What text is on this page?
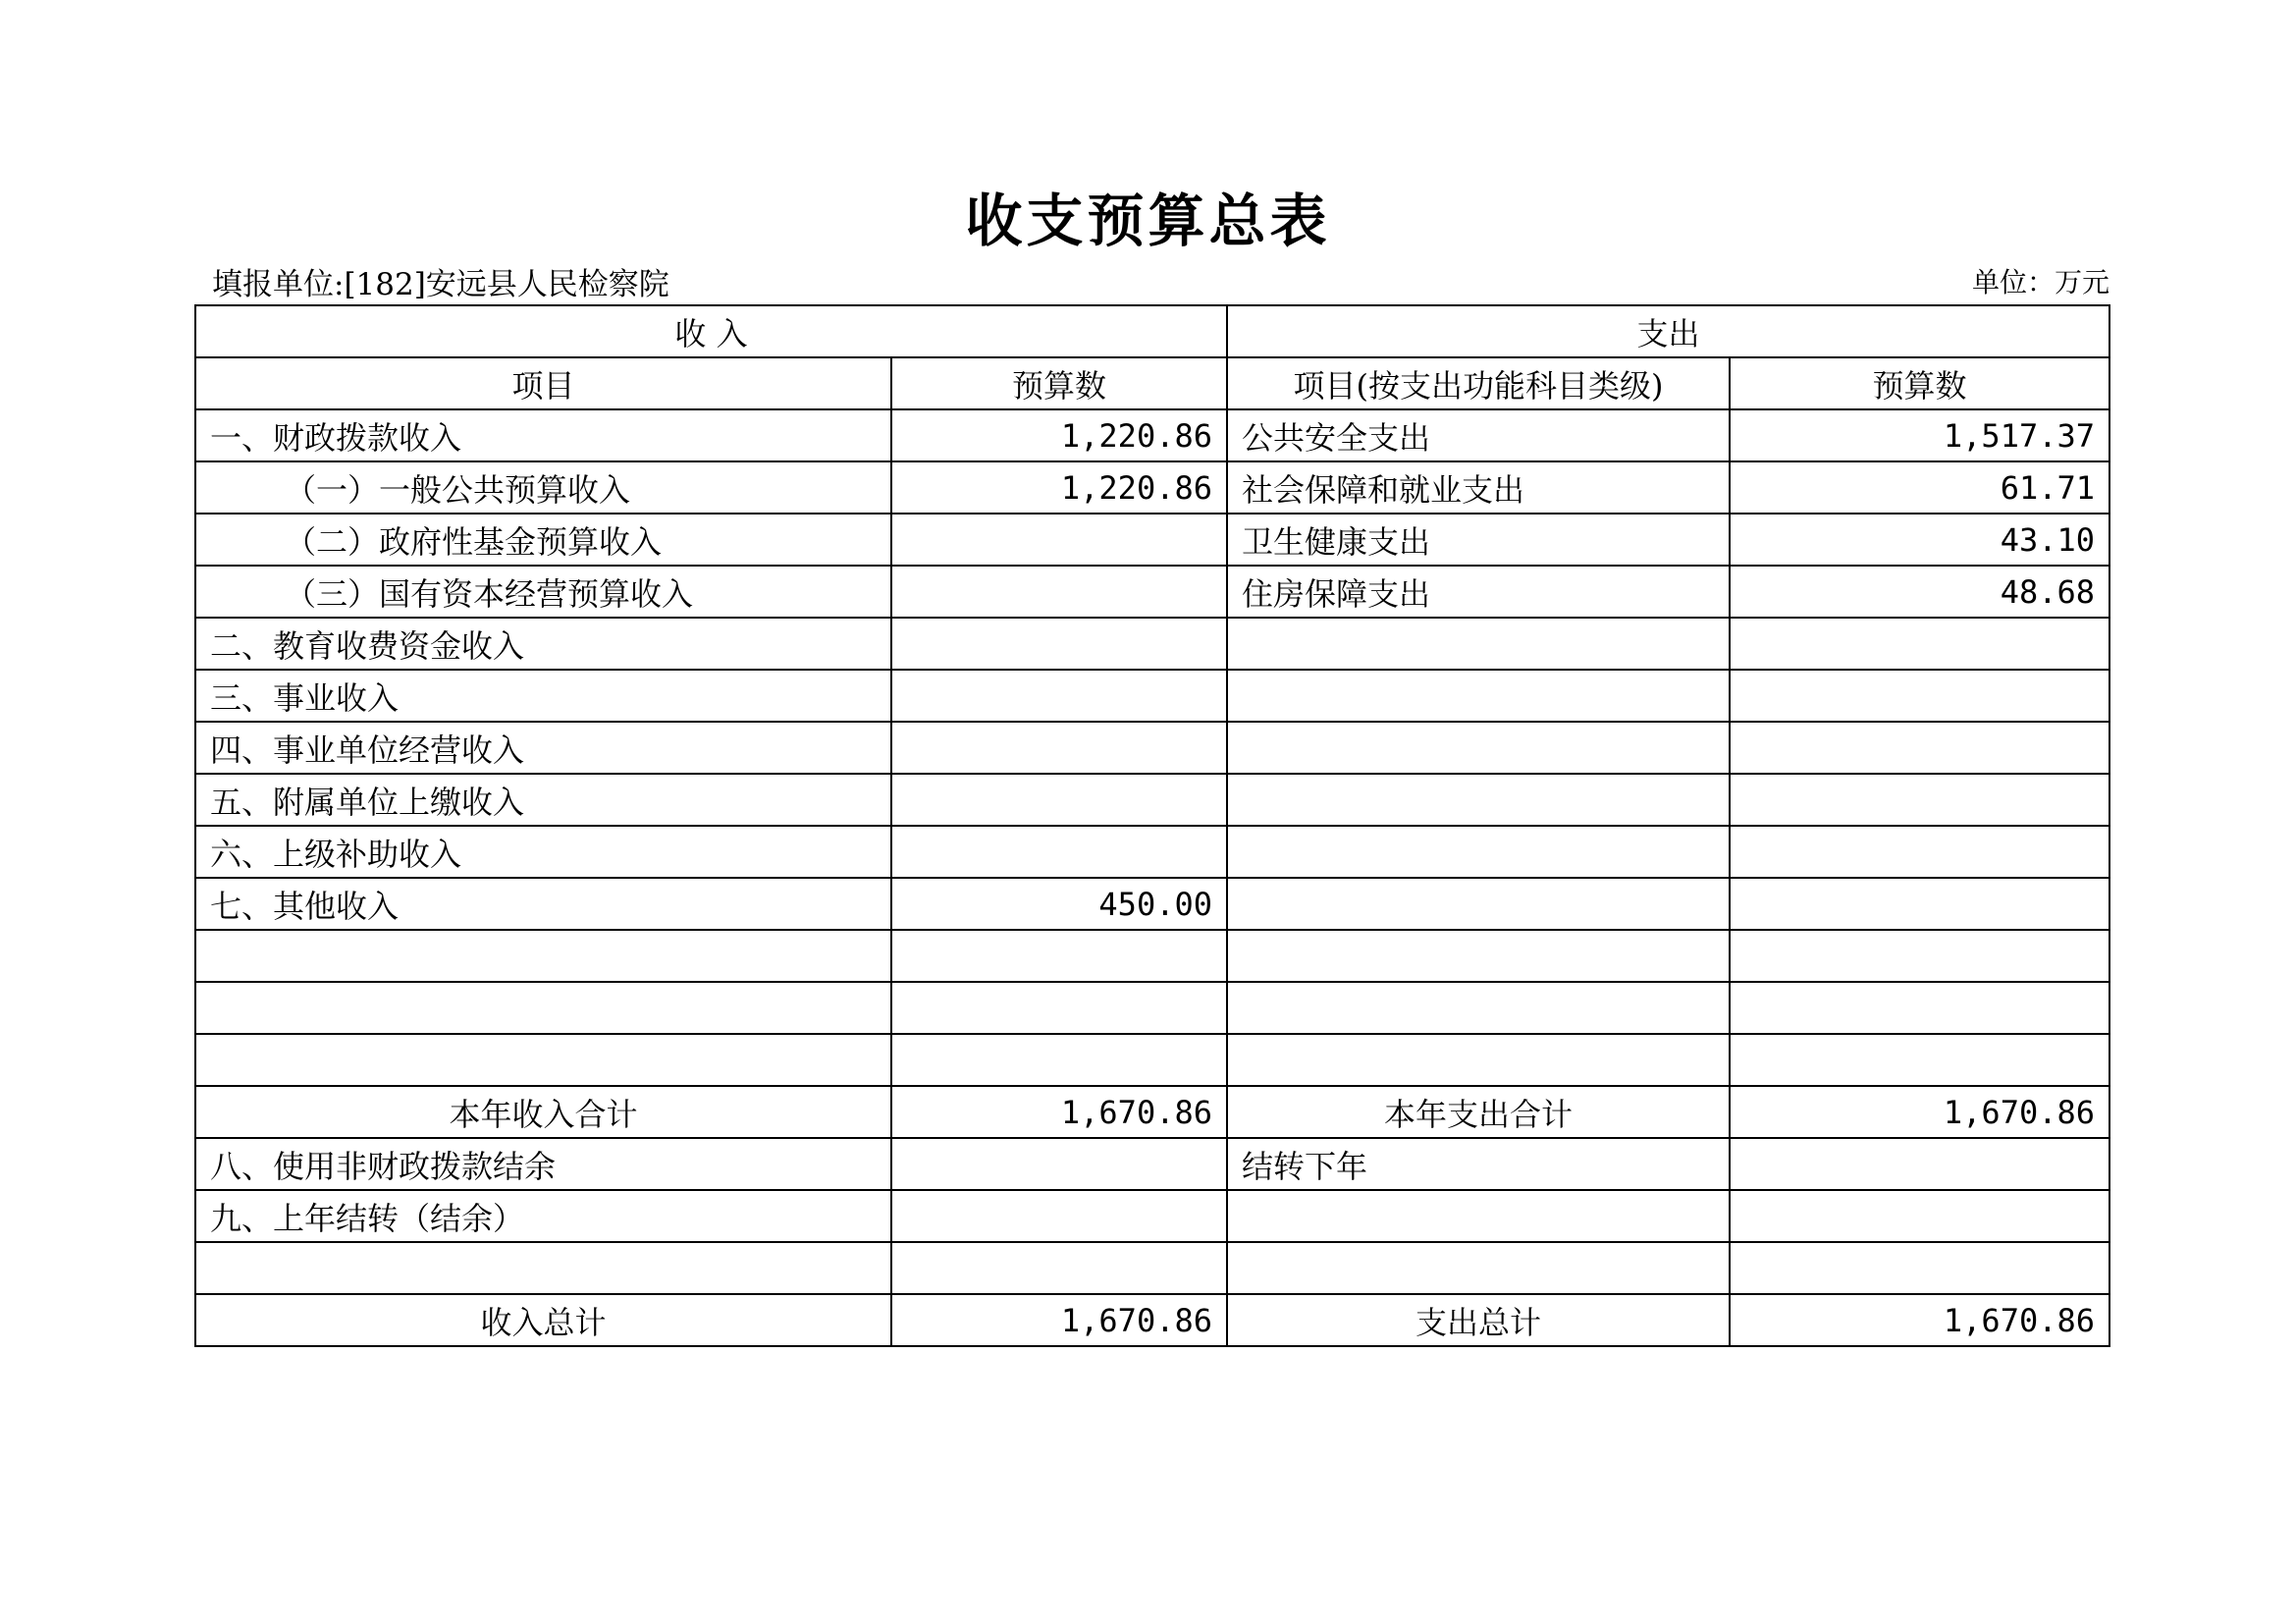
收支预算总表
填报单位:[182]安远县人民检察院	单位：万元
收 入		支出	
项目	预算数	项目(按支出功能科目类级)	预算数
一、财政拨款收入	1,220.86	公共安全支出	1,517.37
（一）一般公共预算收入	1,220.86	社会保障和就业支出	61.71
（二）政府性基金预算收入		卫生健康支出	43.10
（三）国有资本经营预算收入		住房保障支出	48.68
二、教育收费资金收入			
三、事业收入			
四、事业单位经营收入			
五、附属单位上缴收入			
六、上级补助收入			
七、其他收入	450.00		

本年收入合计	1,670.86	本年支出合计	1,670.86
八、使用非财政拨款结余		结转下年	
九、上年结转（结余）			

收入总计	1,670.86	支出总计	1,670.86
